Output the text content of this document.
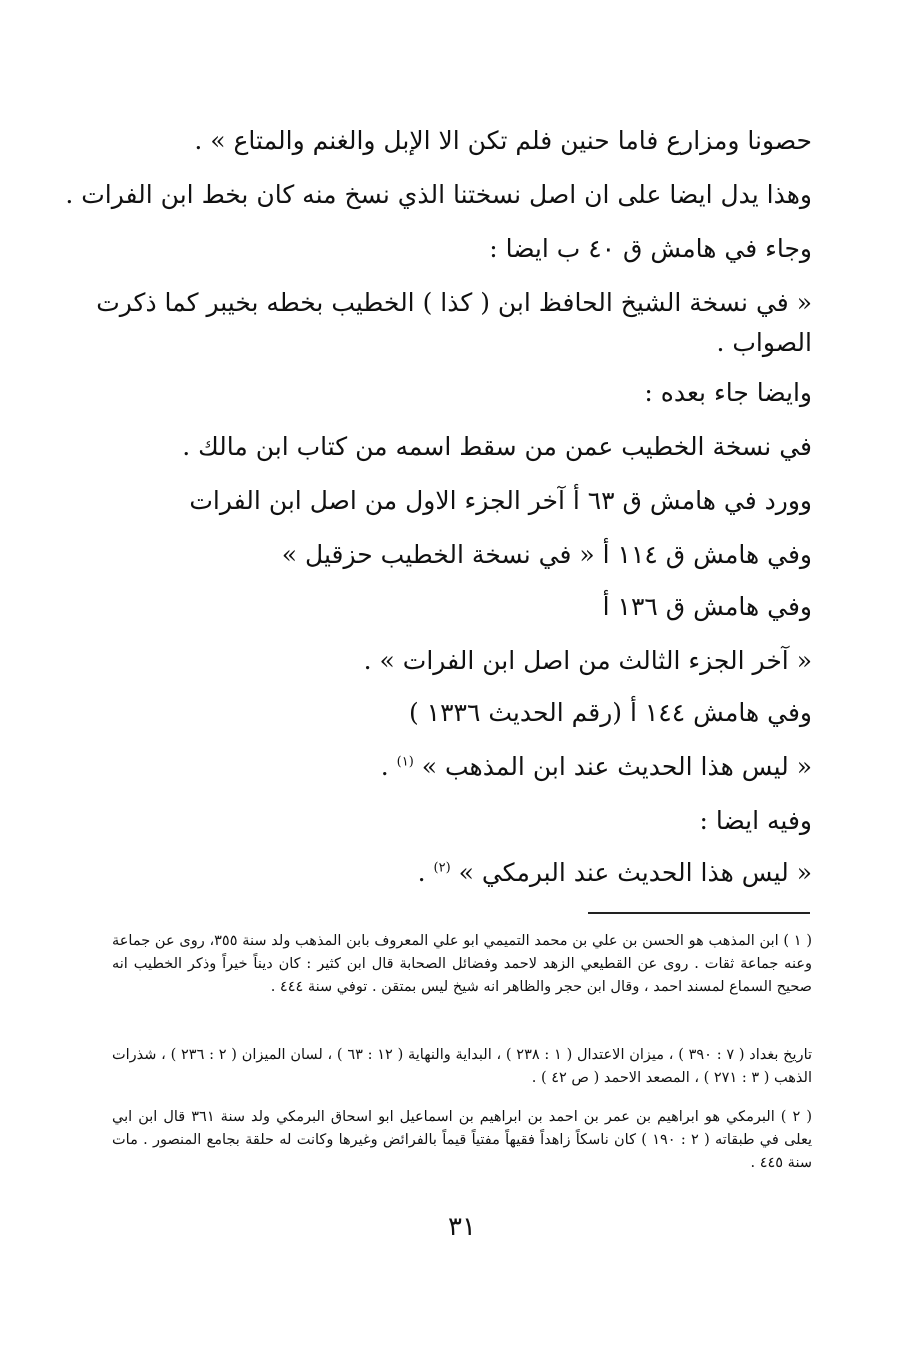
حصونا ومزارع فاما حنين فلم تكن الا الإبل والغنم والمتاع » .
وهذا يدل ايضا على ان اصل نسختنا الذي نسخ منه كان بخط ابن الفرات .
وجاء في هامش ق ٤٠ ب ايضا :
« في نسخة الشيخ الحافظ ابن ( كذا ) الخطيب بخطه بخيبر كما ذكرت
الصواب .
وايضا جاء بعده :
في نسخة الخطيب عمن من سقط اسمه من كتاب ابن مالك .
وورد في هامش ق ٦٣ أ آخر الجزء الاول من اصل ابن الفرات
وفي هامش ق ١١٤ أ « في نسخة الخطيب حزقيل »
وفي هامش ق ١٣٦ أ
« آخر الجزء الثالث من اصل ابن الفرات » .
وفي هامش ١٤٤ أ (رقم الحديث ١٣٣٦ )
« ليس هذا الحديث عند ابن المذهب » $^{(١)}$ .
وفيه ايضا :
« ليس هذا الحديث عند البرمكي » $^{(٢)}$ .
( ١ ) ابن المذهب هو الحسن بن علي بن محمد التميمي ابو علي المعروف بابن المذهب ولد سنة ٣٥٥، روى عن جماعة وعنه جماعة ثقات . روى عن القطيعي الزهد لاحمد وفضائل الصحابة قال ابن كثير : كان ديناً خيراً وذكر الخطيب انه صحيح السماع لمسند احمد ، وقال ابن حجر والظاهر انه شيخ ليس بمتقن . توفي سنة ٤٤٤ .
تاريخ بغداد ( ٧ : ٣٩٠ ) ، ميزان الاعتدال ( ١ : ٢٣٨ ) ، البداية والنهاية ( ١٢ : ٦٣ ) ، لسان الميزان ( ٢ : ٢٣٦ ) ، شذرات الذهب ( ٣ : ٢٧١ ) ، المصعد الاحمد ( ص ٤٢ ) .
( ٢ ) البرمكي هو ابراهيم بن عمر بن احمد بن ابراهيم بن اسماعيل ابو اسحاق البرمكي ولد سنة ٣٦١ قال ابن ابي يعلى في طبقاته ( ٢ : ١٩٠ ) كان ناسكاً زاهداً فقيهاً مفتياً قيماً بالفرائض وغيرها وكانت له حلقة بجامع المنصور . مات سنة ٤٤٥ .
٣١
